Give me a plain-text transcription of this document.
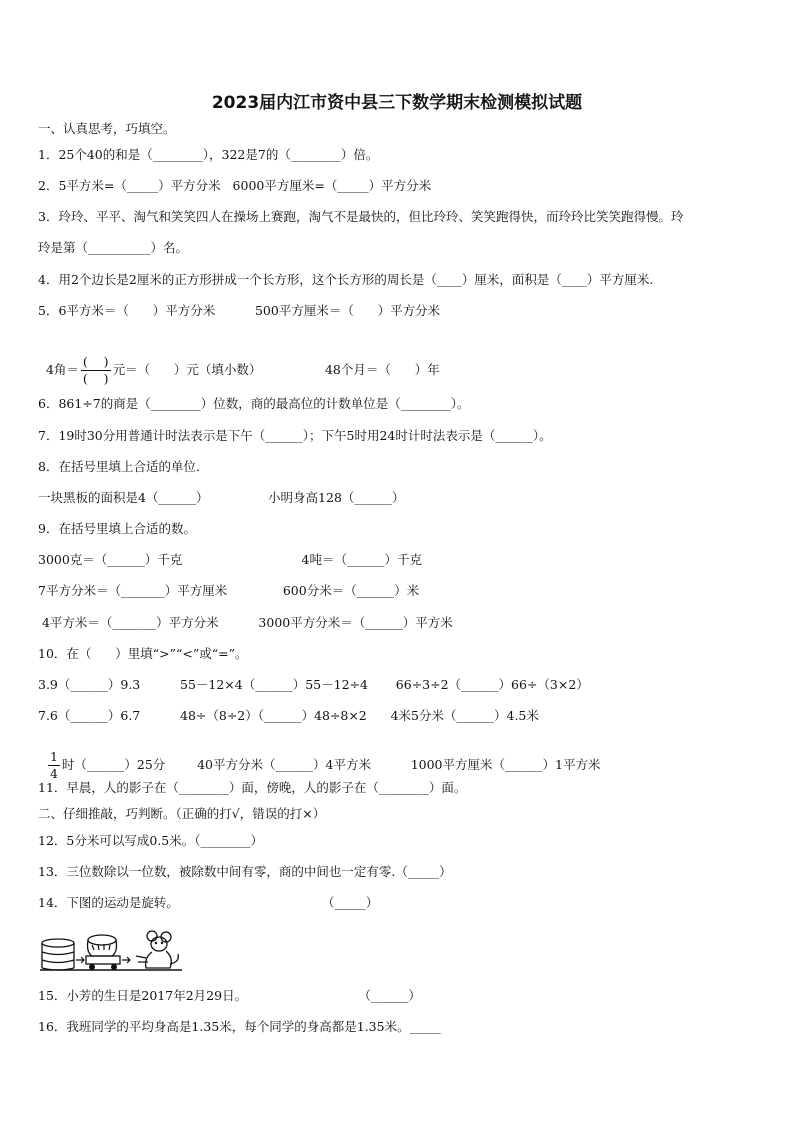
2023届内江市资中县三下数学期末检测模拟试题
一、认真思考，巧填空。
1．25个40的和是（________），322是7的（________）倍。
2．5平方米=（_____）平方分米   6000平方厘米=（_____）平方分米
3．玲玲、平平、淘气和笑笑四人在操场上赛跑，淘气不是最快的，但比玲玲、笑笑跑得快，而玲玲比笑笑跑得慢。玲
玲是第（__________）名。
4．用2个边长是2厘米的正方形拼成一个长方形，这个长方形的周长是（____）厘米，面积是（____）平方厘米.
5．6平方米＝（      ）平方分米          500平方厘米＝（      ）平方分米

4角＝ $\frac{( )}{( )}$ 元＝（      ）元（填小数）                48个月＝（      ）年

6．861÷7的商是（________）位数，商的最高位的计数单位是（________）。
7．19时30分用普通计时法表示是下午（______）；下午5时用24时计时法表示是（______）。
8．在括号里填上合适的单位．
一块黑板的面积是4（______）               小明身高128（______）
9．在括号里填上合适的数。
3000克＝（______）千克                              4吨＝（______）千克
7平方分米＝（_______）平方厘米              600分米＝（______）米
4平方米＝（_______）平方分米          3000平方分米＝（______）平方米
10．在（      ）里填“>”“<”或“=”。
3.9（______）9.3          55－12×4（______）55－12÷4       66÷3÷2（______）66÷（3×2）
7.6（______）6.7          48÷（8÷2）（______）48÷8×2      4米5分米（______）4.5米

$\frac{1}{4}$ 时（______）25分        40平方分米（______）4平方米          1000平方厘米（______）1平方米

11．早晨，人的影子在（________）面，傍晚，人的影子在（________）面。
二、仔细推敲，巧判断。（正确的打√，错误的打×）
12．5分米可以写成0.5米。（________）
13．三位数除以一位数，被除数中间有零，商的中间也一定有零.（_____）
14．下图的运动是旋转。                                    （_____）
15．小芳的生日是2017年2月29日。                            （______）
16．我班同学的平均身高是1.35米，每个同学的身高都是1.35米。_____
